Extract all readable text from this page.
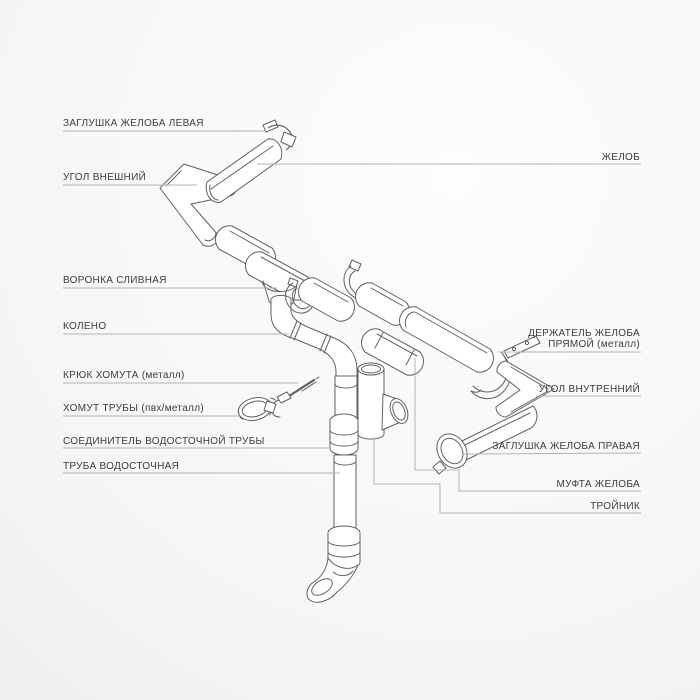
ЗАГЛУШКА ЖЕЛОБА ЛЕВАЯ
УГОЛ ВНЕШНИЙ
ВОРОНКА СЛИВНАЯ
КОЛЕНО
КРЮК ХОМУТА (металл)
ХОМУТ ТРУБЫ (пвх/металл)
СОЕДИНИТЕЛЬ ВОДОСТОЧНОЙ ТРУБЫ
ТРУБА ВОДОСТОЧНАЯ
ЖЕЛОБ
ДЕРЖАТЕЛЬ ЖЕЛОБА
ПРЯМОЙ (металл)
УГОЛ ВНУТРЕННИЙ
ЗАГЛУШКА ЖЕЛОБА ПРАВАЯ
МУФТА ЖЕЛОБА
ТРОЙНИК
